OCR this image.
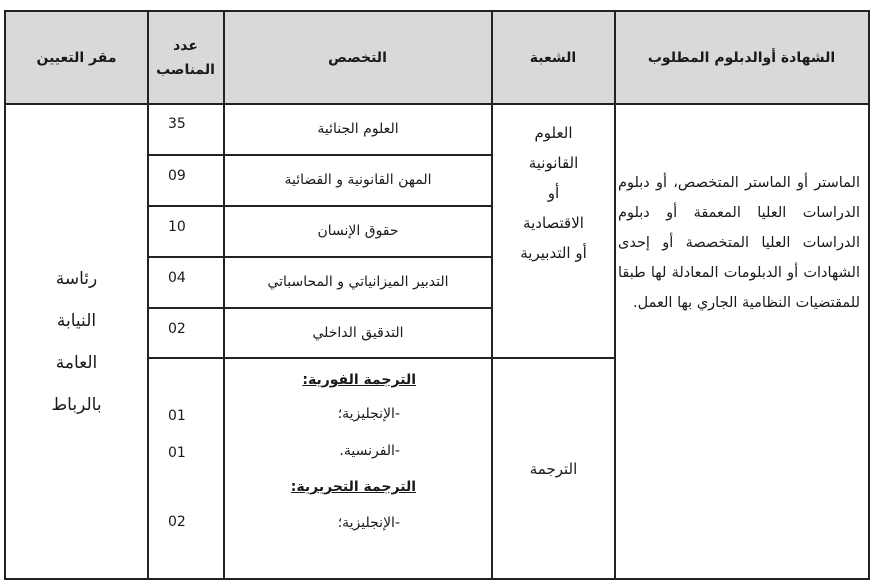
مقر التعيين
عدد
المناصب
التخصص	الشعبة	الشهادة أوالدبلوم المطلوب
رئاسة
النيابة
العامة
بالرباط
35
09
10
04
02
العلوم الجنائية
المهن القانونية و القضائية
حقوق الإنسان
التدبير الميزانياتي و المحاسباتي
التدقيق الداخلي
الترجمة الفورية:
-الإنجليزية؛
01
-الفرنسية.
01
الترجمة التحريرية:
-الإنجليزية؛
02
العلوم
القانونية
أو
الاقتصادية
أو التدبيرية
الترجمة
الماستر أو الماستر المتخصص، أو دبلوم الدراسات العليا المعمقة أو دبلوم الدراسات العليا المتخصصة أو إحدى الشهادات أو الدبلومات المعادلة لها طبقا للمقتضيات النظامية الجاري بها العمل.
